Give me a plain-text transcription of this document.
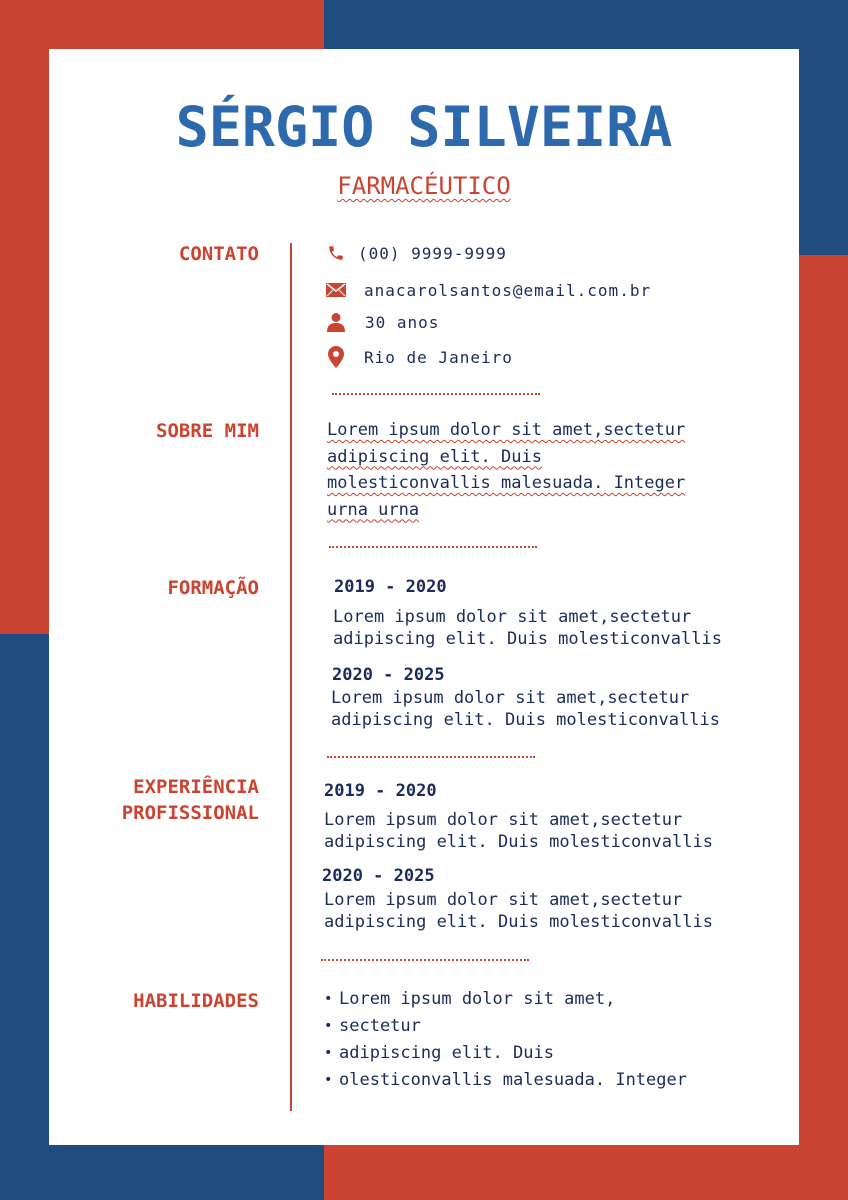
SÉRGIO SILVEIRA
FARMACÉUTICO
CONTATO	(00) 9999-9999
anacarolsantos@email.com.br
30 anos
Rio de Janeiro
SOBRE MIM	Lorem ipsum dolor sit amet,sectetur
adipiscing elit. Duis
molesticonvallis malesuada. Integer
urna urna
FORMAÇÃO	2019 - 2020
Lorem ipsum dolor sit amet,sectetur
adipiscing elit. Duis molesticonvallis
2020 - 2025
Lorem ipsum dolor sit amet,sectetur
adipiscing elit. Duis molesticonvallis
EXPERIÊNCIA
PROFISSIONAL
2019 - 2020
Lorem ipsum dolor sit amet,sectetur
adipiscing elit. Duis molesticonvallis
2020 - 2025
Lorem ipsum dolor sit amet,sectetur
adipiscing elit. Duis molesticonvallis
HABILIDADES	• Lorem ipsum dolor sit amet,
• sectetur
• adipiscing elit. Duis
• olesticonvallis malesuada. Integer
